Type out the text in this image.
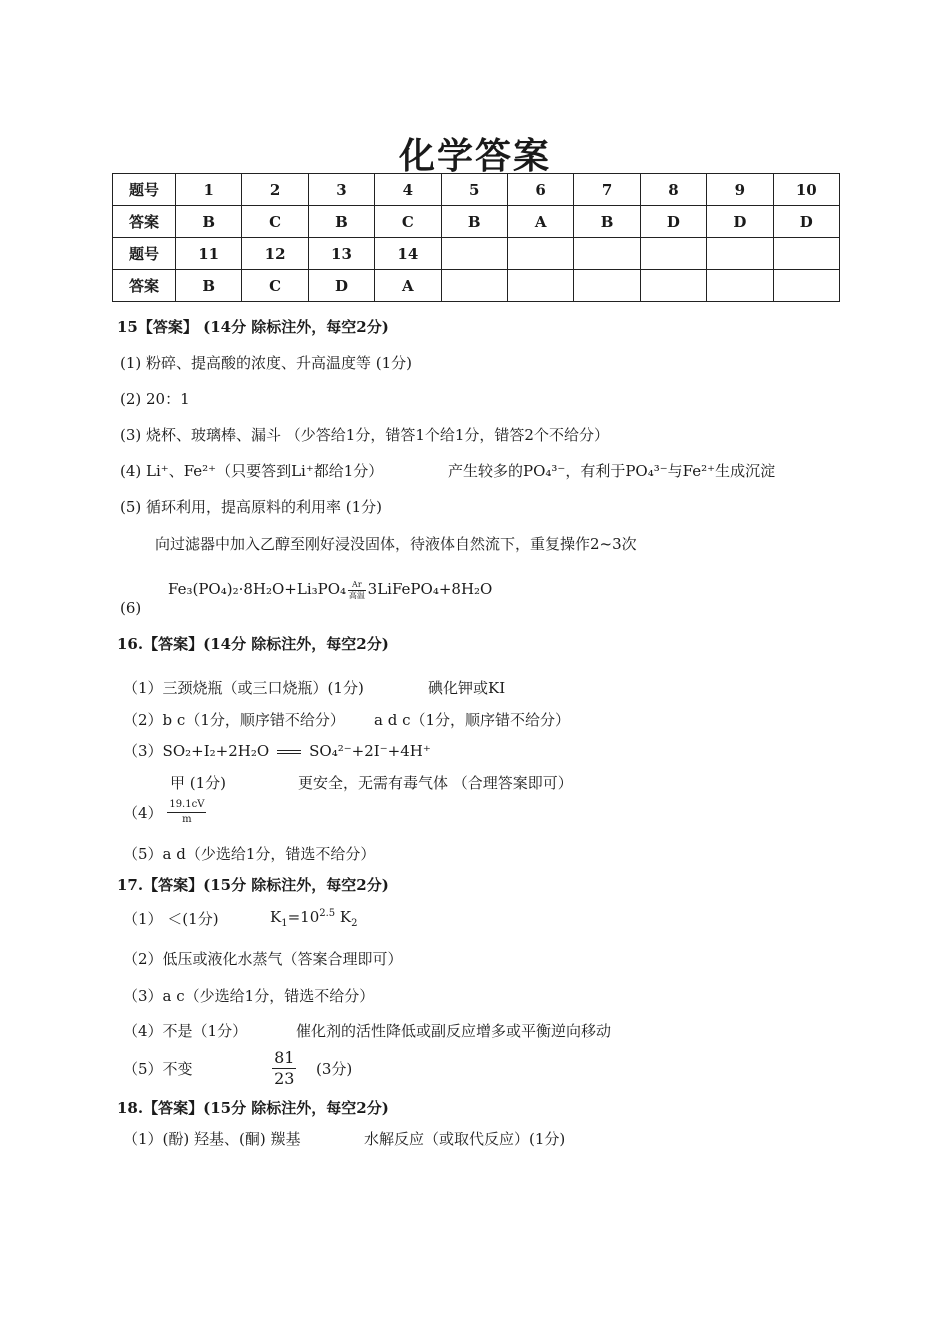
化学答案
题号	1	2	3	4	5	6	7	8	9	10
答案	B	C	B	C	B	A	B	D	D	D
题号	11	12	13	14						
答案	B	C	D	A						
15【答案】 (14分 除标注外，每空2分)
(1) 粉碎、提高酸的浓度、升高温度等 (1分)
(2) 20：1
(3) 烧杯、玻璃棒、漏斗 （少答给1分，错答1个给1分，错答2个不给分）
(4) Li⁺、Fe²⁺（只要答到Li⁺都给1分）	产生较多的PO₄³⁻，有利于PO₄³⁻与Fe²⁺生成沉淀
(5) 循环利用，提高原料的利用率 (1分)
向过滤器中加入乙醇至刚好浸没固体，待液体自然流下，重复操作2~3次
(6)
Fe₃(PO₄)₂·8H₂O+Li₃PO₄ Ar
高温 3LiFePO₄+8H₂O
16.【答案】(14分 除标注外，每空2分)
（1）三颈烧瓶（或三口烧瓶）(1分)	碘化钾或KI
（2）b c（1分，顺序错不给分） a d c（1分，顺序错不给分）
（3）SO₂+I₂+2H₂O	SO₄²⁻+2I⁻+4H⁺
甲 (1分)	更安全，无需有毒气体 （合理答案即可）
$(4) \frac{19.1cV}{m}$
（5）a d（少选给1分，错选不给分）
17.【答案】(15分 除标注外，每空2分)
（1） ＜(1分)	$K_1=10^{2.5}$ $K_2$
（2）低压或液化水蒸气（答案合理即可）
（3）a c（少选给1分，错选不给分）
（4）不是（1分）	催化剂的活性降低或副反应增多或平衡逆向移动
（5）不变	$\frac{81}{23} (3$分)
18.【答案】(15分 除标注外，每空2分)
（1）(酚) 羟基、(酮) 羰基	水解反应（或取代反应）(1分)
